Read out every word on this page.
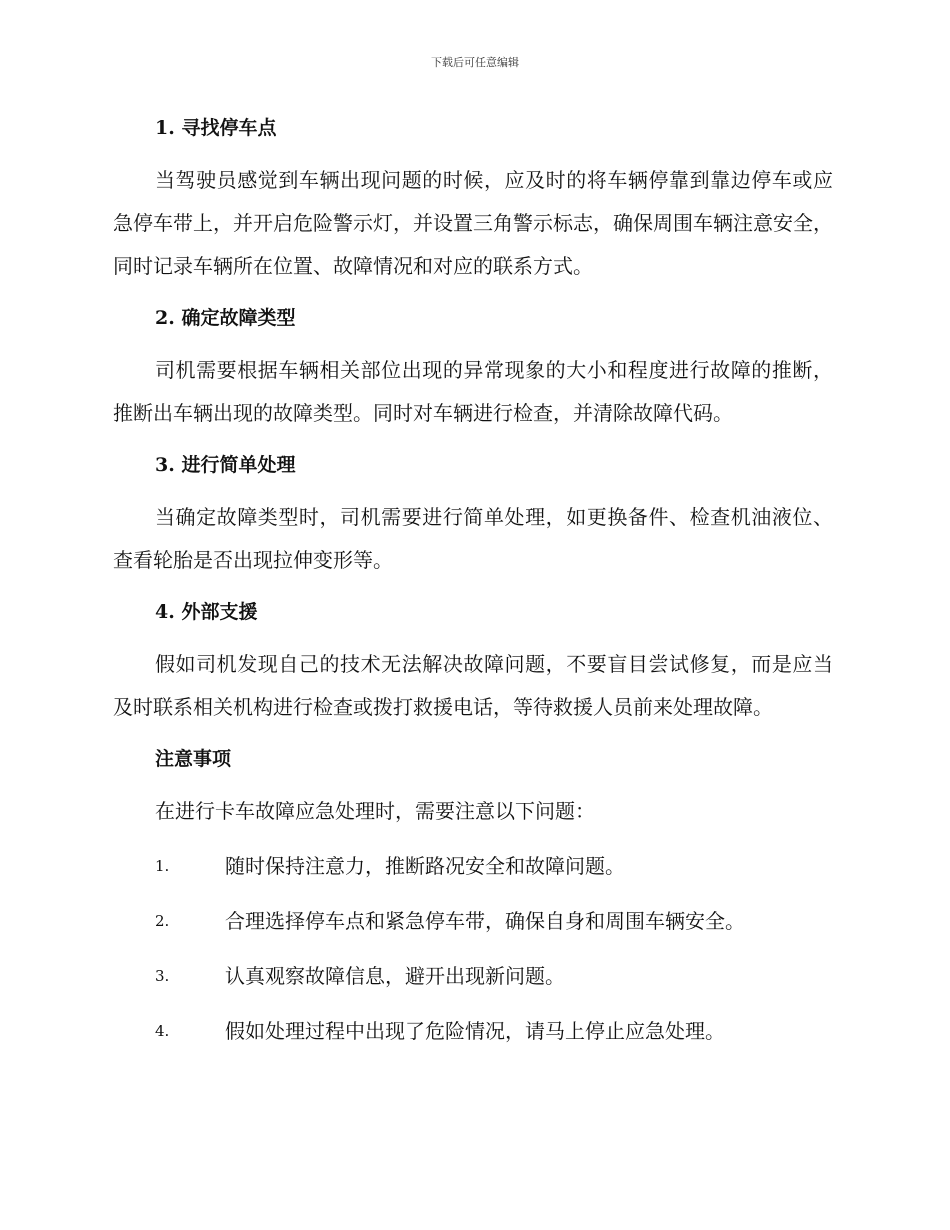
下载后可任意编辑
1. 寻找停车点
当驾驶员感觉到车辆出现问题的时候，应及时的将车辆停靠到靠边停车或应急停车带上，并开启危险警示灯，并设置三角警示标志，确保周围车辆注意安全，同时记录车辆所在位置、故障情况和对应的联系方式。
2. 确定故障类型
司机需要根据车辆相关部位出现的异常现象的大小和程度进行故障的推断，推断出车辆出现的故障类型。同时对车辆进行检查，并清除故障代码。
3. 进行简单处理
当确定故障类型时，司机需要进行简单处理，如更换备件、检查机油液位、查看轮胎是否出现拉伸变形等。
4. 外部支援
假如司机发现自己的技术无法解决故障问题，不要盲目尝试修复，而是应当及时联系相关机构进行检查或拨打救援电话，等待救援人员前来处理故障。
注意事项
在进行卡车故障应急处理时，需要注意以下问题：
1.	随时保持注意力，推断路况安全和故障问题。
2.	合理选择停车点和紧急停车带，确保自身和周围车辆安全。
3.	认真观察故障信息，避开出现新问题。
4.	假如处理过程中出现了危险情况，请马上停止应急处理。
